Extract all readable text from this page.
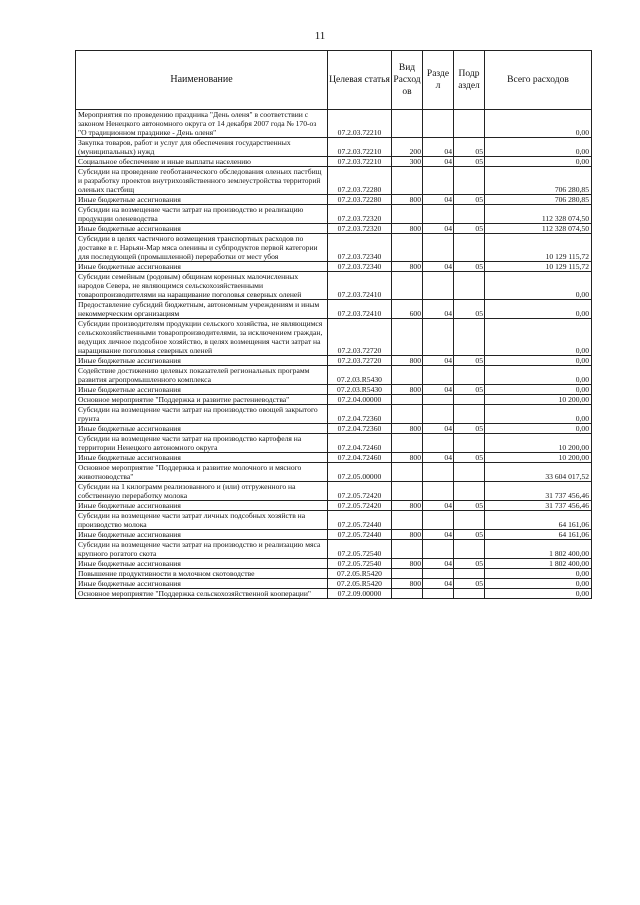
11
Наименование	Целевая статья	Вид Расход ов	Разде л	Подр аздел	Всего расходов
Мероприятия по проведению праздника "День оленя" в соответствии с законом Ненецкого автономного округа от 14 декабря 2007 года № 170-оз "О традиционном празднике - День оленя"	07.2.03.72210				0,00
Закупка товаров, работ и услуг для обеспечения государственных (муниципальных) нужд	07.2.03.72210	200	04	05	0,00
Социальное обеспечение и иные выплаты населению	07.2.03.72210	300	04	05	0,00
Субсидии на проведение геоботанического обследования оленьих пастбищ и разработку проектов внутрихозяйственного землеустройства территорий оленьих пастбищ	07.2.03.72280				706 280,85
Иные бюджетные ассигнования	07.2.03.72280	800	04	05	706 280,85
Субсидии на возмещение части затрат на производство и реализацию продукции оленеводства	07.2.03.72320				112 328 074,50
Иные бюджетные ассигнования	07.2.03.72320	800	04	05	112 328 074,50
Субсидии в целях частичного возмещения транспортных расходов по доставке в г. Нарьян-Мар мяса оленины и субпродуктов первой категории для последующей (промышленной) переработки от мест убоя	07.2.03.72340				10 129 115,72
Иные бюджетные ассигнования	07.2.03.72340	800	04	05	10 129 115,72
Субсидии семейным (родовым) общинам коренных малочисленных народов Севера, не являющимся сельскохозяйственными товаропроизводителями на наращивание поголовья северных оленей	07.2.03.72410				0,00
Предоставление субсидий бюджетным, автономным учреждениям и иным некоммерческим организациям	07.2.03.72410	600	04	05	0,00
Субсидии производителям продукции сельского хозяйства, не являющимся сельскохозяйственными товаропроизводителями, за исключением граждан, ведущих личное подсобное хозяйство, в целях возмещения части затрат на наращивание поголовья северных оленей	07.2.03.72720				0,00
Иные бюджетные ассигнования	07.2.03.72720	800	04	05	0,00
Содействие достижению целевых показателей региональных программ развития агропромышленного комплекса	07.2.03.R5430				0,00
Иные бюджетные ассигнования	07.2.03.R5430	800	04	05	0,00
Основное мероприятие "Поддержка и развитие растениеводства"	07.2.04.00000				10 200,00
Субсидии на возмещение части затрат на производство овощей закрытого грунта	07.2.04.72360				0,00
Иные бюджетные ассигнования	07.2.04.72360	800	04	05	0,00
Субсидии на возмещение части затрат на производство картофеля на территории Ненецкого автономного округа	07.2.04.72460				10 200,00
Иные бюджетные ассигнования	07.2.04.72460	800	04	05	10 200,00
Основное мероприятие "Поддержка и развитие молочного и мясного животноводства"	07.2.05.00000				33 604 017,52
Субсидии на 1 килограмм реализованного и (или) отгруженного на собственную переработку молока	07.2.05.72420				31 737 456,46
Иные бюджетные ассигнования	07.2.05.72420	800	04	05	31 737 456,46
Субсидии на возмещение части затрат личных подсобных хозяйств на производство молока	07.2.05.72440				64 161,06
Иные бюджетные ассигнования	07.2.05.72440	800	04	05	64 161,06
Субсидии на возмещение части затрат на производство и реализацию мяса крупного рогатого скота	07.2.05.72540				1 802 400,00
Иные бюджетные ассигнования	07.2.05.72540	800	04	05	1 802 400,00
Повышение продуктивности в молочном скотоводстве	07.2.05.R5420				0,00
Иные бюджетные ассигнования	07.2.05.R5420	800	04	05	0,00
Основное мероприятие "Поддержка сельскохозяйственной кооперации"	07.2.09.00000				0,00
